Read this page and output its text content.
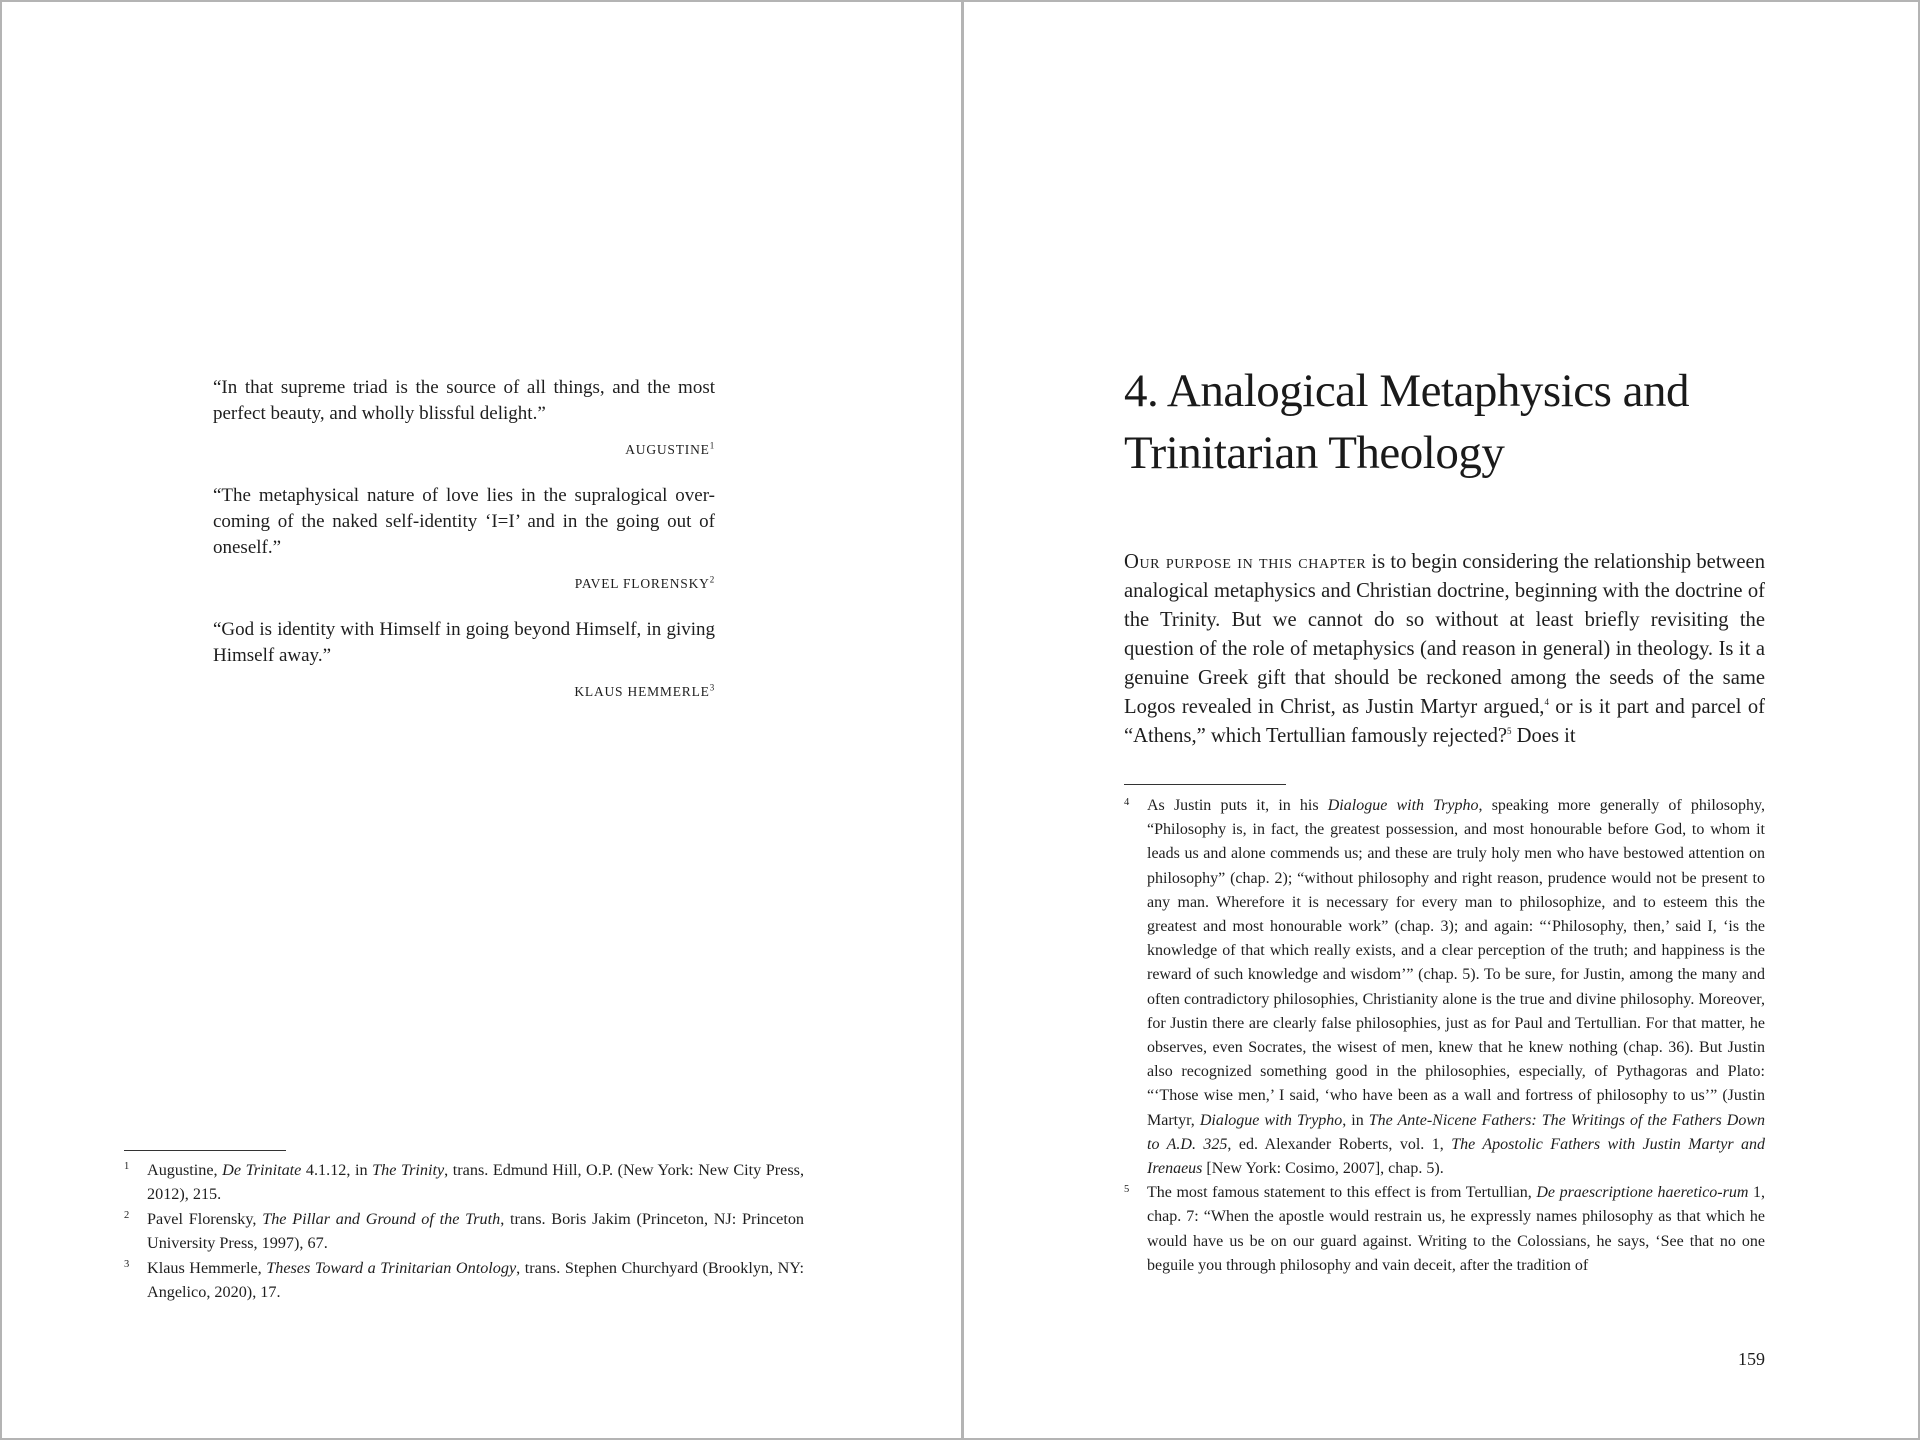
“In that supreme triad is the source of all things, and the most perfect beauty, and wholly blissful delight.”

AUGUSTINE$^1$

“The metaphysical nature of love lies in the supralogical over-coming of the naked self-identity ‘I=I’ and in the going out of oneself.”

PAVEL FLORENSKY$^2$

“God is identity with Himself in going beyond Himself, in giving Himself away.”

KLAUS HEMMERLE$^3$

1 Augustine, De Trinitate 4.1.12, in The Trinity, trans. Edmund Hill, O.P. (New York: New City Press, 2012), 215.

2 Pavel Florensky, The Pillar and Ground of the Truth, trans. Boris Jakim (Princeton, NJ: Princeton University Press, 1997), 67.

3 Klaus Hemmerle, Theses Toward a Trinitarian Ontology, trans. Stephen Churchyard (Brooklyn, NY: Angelico, 2020), 17.

4. Analogical Metaphysics and
Trinitarian Theology

Our purpose in this chapter is to begin considering the relationship between analogical metaphysics and Christian doctrine, beginning with the doctrine of the Trinity. But we cannot do so without at least briefly revisiting the question of the role of metaphysics (and reason in general) in theology. Is it a genuine Greek gift that should be reckoned among the seeds of the same Logos revealed in Christ, as Justin Martyr argued,$^4$ or is it part and parcel of “Athens,” which Tertullian famously rejected?$^5$ Does it

4 As Justin puts it, in his Dialogue with Trypho, speaking more generally of philosophy, “Philosophy is, in fact, the greatest possession, and most honourable before God, to whom it leads us and alone commends us; and these are truly holy men who have bestowed attention on philosophy” (chap. 2); “without philosophy and right reason, prudence would not be present to any man. Wherefore it is necessary for every man to philosophize, and to esteem this the greatest and most honourable work” (chap. 3); and again: “‘Philosophy, then,’ said I, ‘is the knowledge of that which really exists, and a clear perception of the truth; and happiness is the reward of such knowledge and wisdom’” (chap. 5). To be sure, for Justin, among the many and often contradictory philosophies, Christianity alone is the true and divine philosophy. Moreover, for Justin there are clearly false philosophies, just as for Paul and Tertullian. For that matter, he observes, even Socrates, the wisest of men, knew that he knew nothing (chap. 36). But Justin also recognized something good in the philosophies, especially, of Pythagoras and Plato: “‘Those wise men,’ I said, ‘who have been as a wall and fortress of philosophy to us’” (Justin Martyr, Dialogue with Trypho, in The Ante-Nicene Fathers: The Writings of the Fathers Down to A.D. 325, ed. Alexander Roberts, vol. 1, The Apostolic Fathers with Justin Martyr and Irenaeus [New York: Cosimo, 2007], chap. 5).

5 The most famous statement to this effect is from Tertullian, De praescriptione haeretico-rum 1, chap. 7: “When the apostle would restrain us, he expressly names philosophy as that which he would have us be on our guard against. Writing to the Colossians, he says, ‘See that no one beguile you through philosophy and vain deceit, after the tradition of

159
